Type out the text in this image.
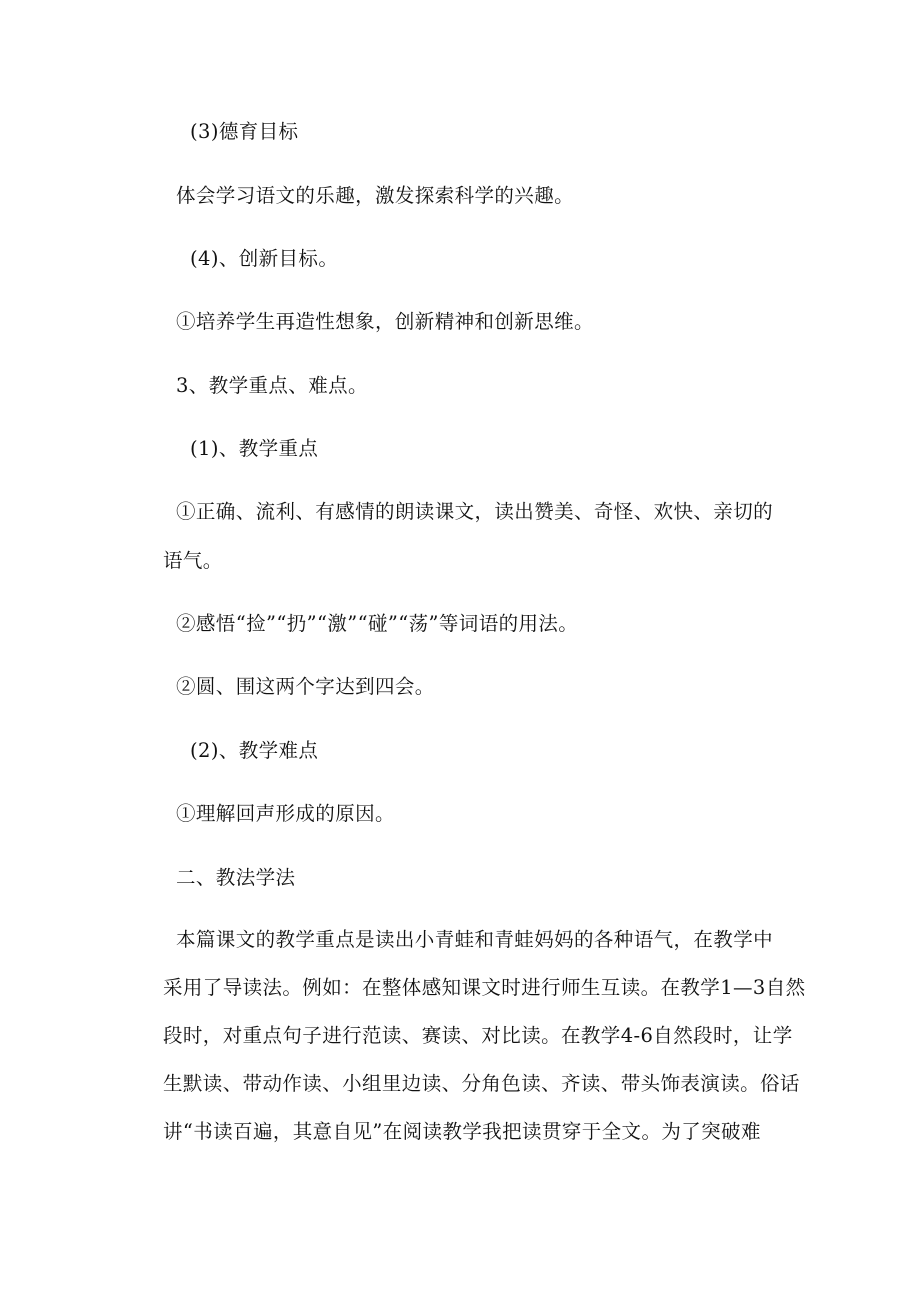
(3)德育目标
体会学习语文的乐趣，激发探索科学的兴趣。
(4)、创新目标。
①培养学生再造性想象，创新精神和创新思维。
3、教学重点、难点。
(1)、教学重点
①正确、流利、有感情的朗读课文，读出赞美、奇怪、欢快、亲切的
语气。
②感悟“捡”“扔”“激”“碰”“荡”等词语的用法。
②圆、围这两个字达到四会。
(2)、教学难点
①理解回声形成的原因。
二、教法学法
本篇课文的教学重点是读出小青蛙和青蛙妈妈的各种语气，在教学中
采用了导读法。例如：在整体感知课文时进行师生互读。在教学1—3自然
段时，对重点句子进行范读、赛读、对比读。在教学4-6自然段时，让学
生默读、带动作读、小组里边读、分角色读、齐读、带头饰表演读。俗话
讲“书读百遍，其意自见”在阅读教学我把读贯穿于全文。为了突破难
